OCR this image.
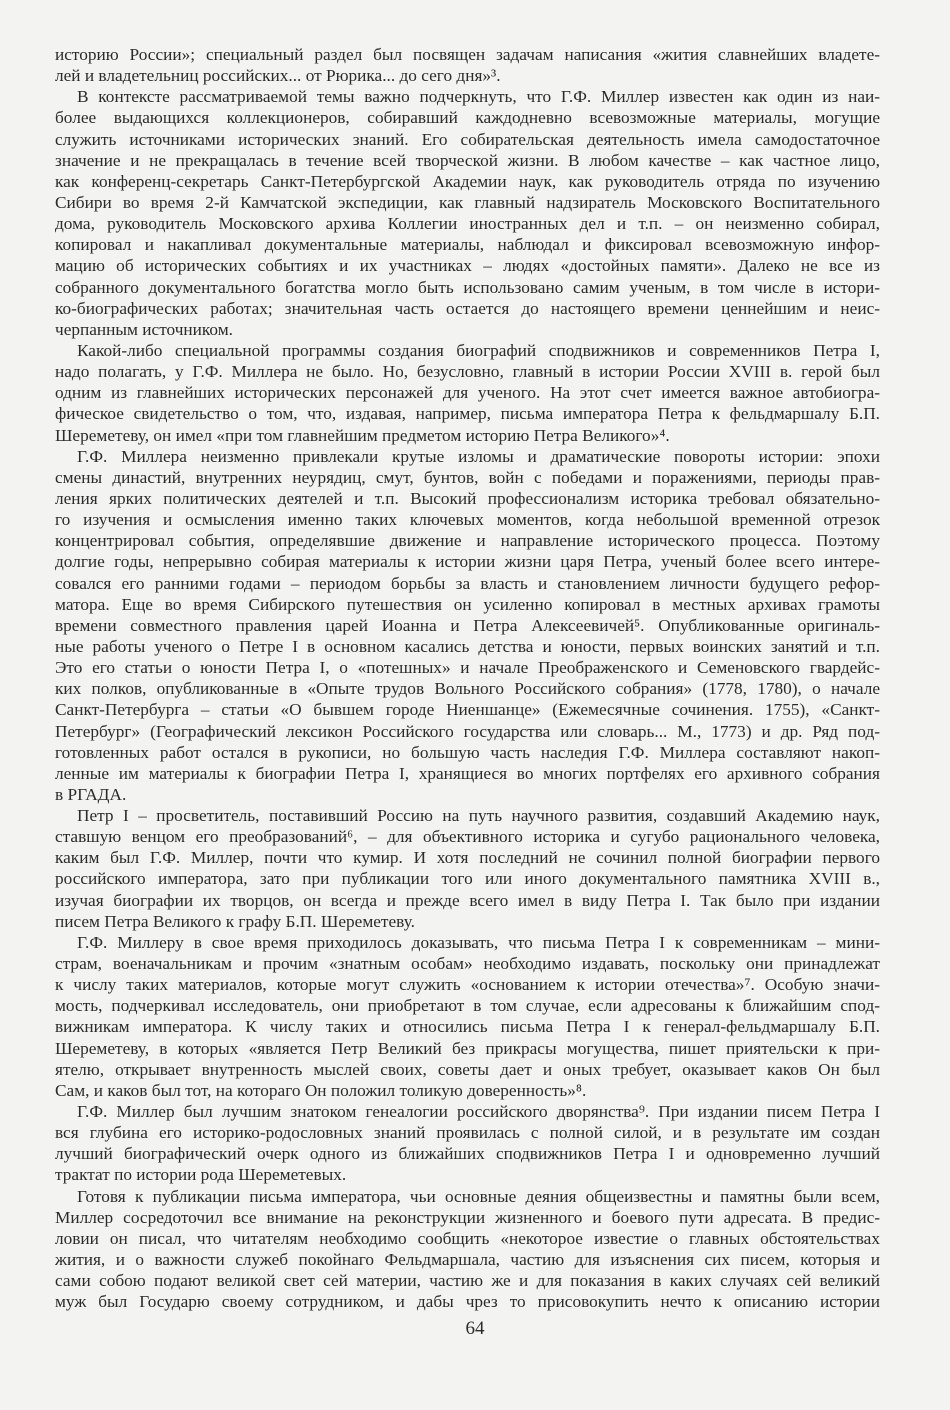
историю России»; специальный раздел был посвящен задачам написания «жития славнейших владете-
лей и владетельниц российских... от Рюрика... до сего дня»³.
В контексте рассматриваемой темы важно подчеркнуть, что Г.Ф. Миллер известен как один из наи-
более выдающихся коллекционеров, собиравший каждодневно всевозможные материалы, могущие
служить источниками исторических знаний. Его собирательская деятельность имела самодостаточное
значение и не прекращалась в течение всей творческой жизни. В любом качестве – как частное лицо,
как конференц-секретарь Санкт-Петербургской Академии наук, как руководитель отряда по изучению
Сибири во время 2-й Камчатской экспедиции, как главный надзиратель Московского Воспитательного
дома, руководитель Московского архива Коллегии иностранных дел и т.п. – он неизменно собирал,
копировал и накапливал документальные материалы, наблюдал и фиксировал всевозможную инфор-
мацию об исторических событиях и их участниках – людях «достойных памяти». Далеко не все из
собранного документального богатства могло быть использовано самим ученым, в том числе в истори-
ко-биографических работах; значительная часть остается до настоящего времени ценнейшим и неис-
черпанным источником.
Какой-либо специальной программы создания биографий сподвижников и современников Петра I,
надо полагать, у Г.Ф. Миллера не было. Но, безусловно, главный в истории России XVIII в. герой был
одним из главнейших исторических персонажей для ученого. На этот счет имеется важное автобиогра-
фическое свидетельство о том, что, издавая, например, письма императора Петра к фельдмаршалу Б.П.
Шереметеву, он имел «при том главнейшим предметом историю Петра Великого»⁴.
Г.Ф. Миллера неизменно привлекали крутые изломы и драматические повороты истории: эпохи
смены династий, внутренних неурядиц, смут, бунтов, войн с победами и поражениями, периоды прав-
ления ярких политических деятелей и т.п. Высокий профессионализм историка требовал обязательно-
го изучения и осмысления именно таких ключевых моментов, когда небольшой временной отрезок
концентрировал события, определявшие движение и направление исторического процесса. Поэтому
долгие годы, непрерывно собирая материалы к истории жизни царя Петра, ученый более всего интере-
совался его ранними годами – периодом борьбы за власть и становлением личности будущего рефор-
матора. Еще во время Сибирского путешествия он усиленно копировал в местных архивах грамоты
времени совместного правления царей Иоанна и Петра Алексеевичей⁵. Опубликованные оригиналь-
ные работы ученого о Петре I в основном касались детства и юности, первых воинских занятий и т.п.
Это его статьи о юности Петра I, о «потешных» и начале Преображенского и Семеновского гвардейс-
ких полков, опубликованные в «Опыте трудов Вольного Российского собрания» (1778, 1780), о начале
Санкт-Петербурга – статьи «О бывшем городе Ниеншанце» (Ежемесячные сочинения. 1755), «Санкт-
Петербург» (Географический лексикон Российского государства или словарь... М., 1773) и др. Ряд под-
готовленных работ остался в рукописи, но большую часть наследия Г.Ф. Миллера составляют накоп-
ленные им материалы к биографии Петра I, хранящиеся во многих портфелях его архивного собрания
в РГАДА.
Петр I – просветитель, поставивший Россию на путь научного развития, создавший Академию наук,
ставшую венцом его преобразований⁶, – для объективного историка и сугубо рационального человека,
каким был Г.Ф. Миллер, почти что кумир. И хотя последний не сочинил полной биографии первого
российского императора, зато при публикации того или иного документального памятника XVIII в.,
изучая биографии их творцов, он всегда и прежде всего имел в виду Петра I. Так было при издании
писем Петра Великого к графу Б.П. Шереметеву.
Г.Ф. Миллеру в свое время приходилось доказывать, что письма Петра I к современникам – мини-
страм, военачальникам и прочим «знатным особам» необходимо издавать, поскольку они принадлежат
к числу таких материалов, которые могут служить «основанием к истории отечества»⁷. Особую значи-
мость, подчеркивал исследователь, они приобретают в том случае, если адресованы к ближайшим спод-
вижникам императора. К числу таких и относились письма Петра I к генерал-фельдмаршалу Б.П.
Шереметеву, в которых «является Петр Великий без прикрасы могущества, пишет приятельски к при-
ятелю, открывает внутренность мыслей своих, советы дает и оных требует, оказывает каков Он был
Сам, и каков был тот, на котораго Он положил толикую доверенность»⁸.
Г.Ф. Миллер был лучшим знатоком генеалогии российского дворянства⁹. При издании писем Петра I
вся глубина его историко-родословных знаний проявилась с полной силой, и в результате им создан
лучший биографический очерк одного из ближайших сподвижников Петра I и одновременно лучший
трактат по истории рода Шереметевых.
Готовя к публикации письма императора, чьи основные деяния общеизвестны и памятны были всем,
Миллер сосредоточил все внимание на реконструкции жизненного и боевого пути адресата. В предис-
ловии он писал, что читателям необходимо сообщить «некоторое известие о главных обстоятельствах
жития, и о важности служеб покойнаго Фельдмаршала, частию для изъяснения сих писем, которыя и
сами собою подают великой свет сей материи, частию же и для показания в каких случаях сей великий
муж был Государю своему сотрудником, и дабы чрез то присовокупить нечто к описанию истории
64
